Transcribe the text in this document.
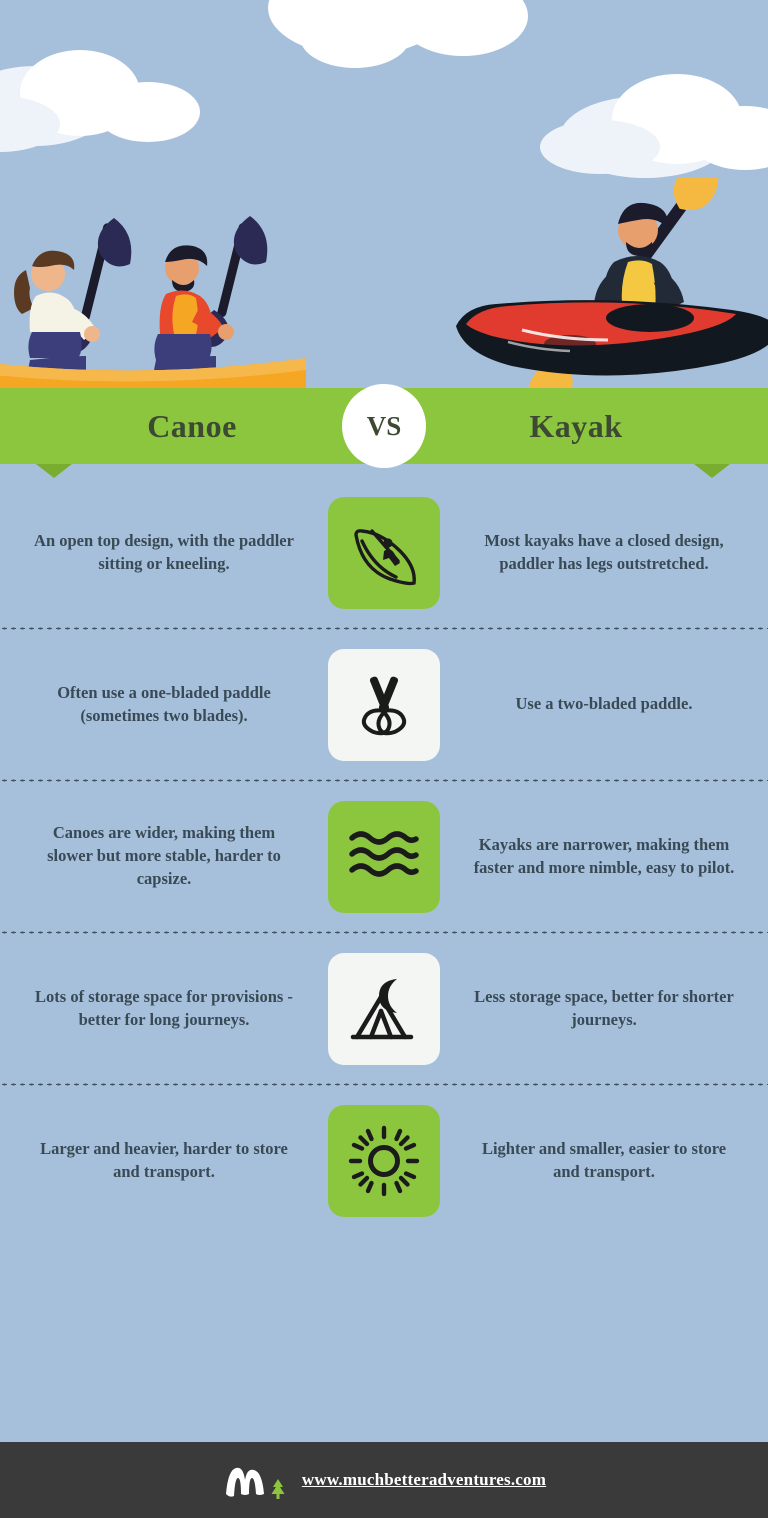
Canoe	Kayak
VS
An open top design, with the paddler sitting or kneeling.
Most kayaks have a closed design, paddler has legs outstretched.
Often use a one-bladed paddle (sometimes two blades).
Use a two-bladed paddle.
Canoes are wider, making them slower but more stable, harder to capsize.
Kayaks are narrower, making them faster and more nimble, easy to pilot.
Lots of storage space for provisions - better for long journeys.
Less storage space, better for shorter journeys.
Larger and heavier, harder to store and transport.
Lighter and smaller, easier to store and transport.
www.muchbetteradventures.com
